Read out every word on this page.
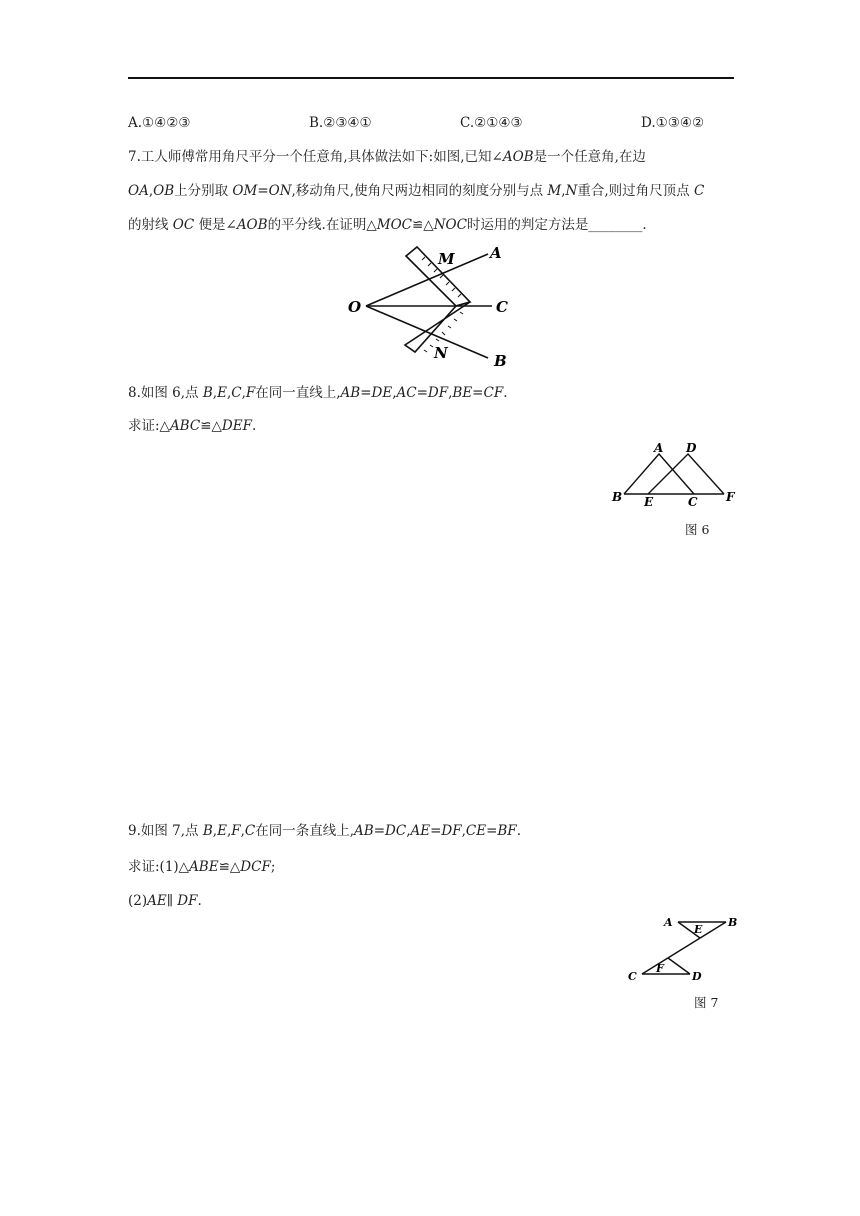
A.①④②③	B.②③④①	C.②①④③	D.①③④②
7.工人师傅常用角尺平分一个任意角,具体做法如下:如图,已知∠AOB是一个任意角,在边
OA,OB上分别取 OM=ON,移动角尺,使角尺两边相同的刻度分别与点 M,N重合,则过角尺顶点 C
的射线 OC 便是∠AOB的平分线.在证明△MOC≌△NOC时运用的判定方法是________.
O
M A
C
N	B
8.如图 6,点 B,E,C,F在同一直线上,AB=DE,AC=DF,BE=CF.
求证:△ABC≌△DEF.
A D
B E	C F
图 6
9.如图 7,点 B,E,F,C在同一条直线上,AB=DC,AE=DF,CE=BF.
求证:(1)△ABE≌△DCF;
(2)AE∥ DF.
A
E
B
C
F
D
图 7
